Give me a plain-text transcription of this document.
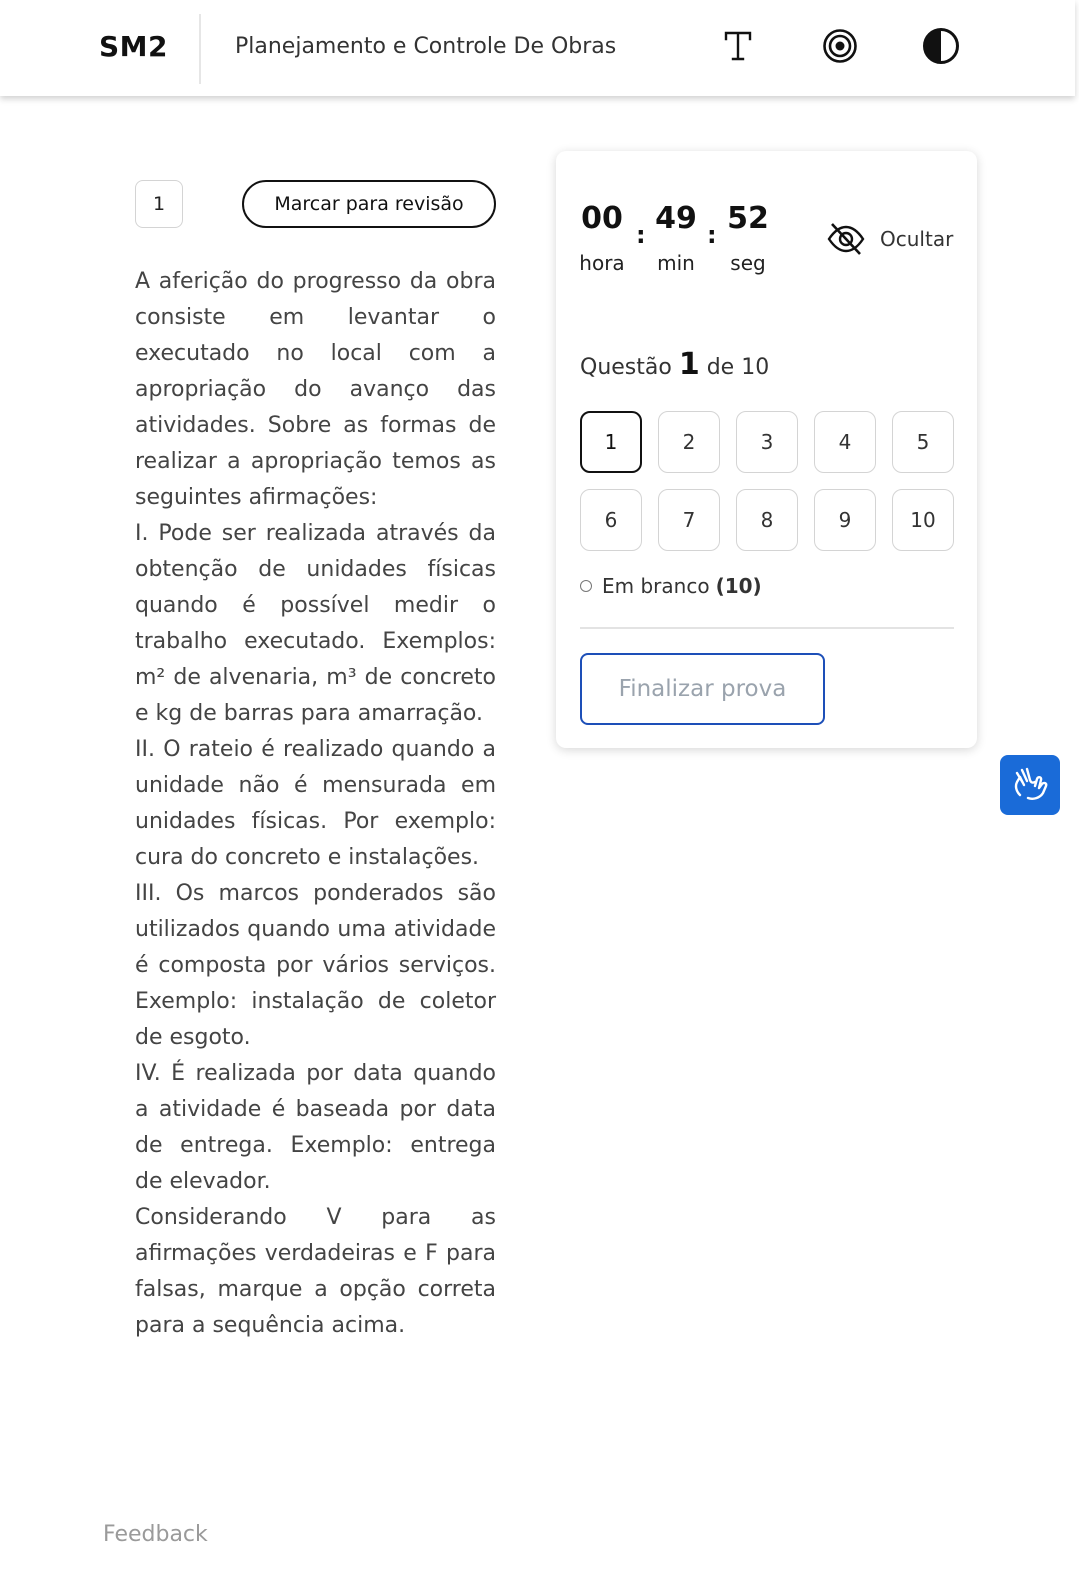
SM2	Planejamento e Controle De Obras
1	Marcar para revisão

A aferição do progresso da obra consiste em levantar o executado no local com a apropriação do avanço das atividades. Sobre as formas de realizar a apropriação temos as seguintes afirmações:

I. Pode ser realizada através da obtenção de unidades físicas quando é possível medir o trabalho executado. Exemplos: m² de alvenaria, m³ de concreto e kg de barras para amarração.

II. O rateio é realizado quando a unidade não é mensurada em unidades físicas. Por exemplo: cura do concreto e instalações.

III. Os marcos ponderados são utilizados quando uma atividade é composta por vários serviços. Exemplo: instalação de coletor de esgoto.

IV. É realizada por data quando a atividade é baseada por data de entrega. Exemplo: entrega de elevador.

Considerando V para as afirmações verdadeiras e F para falsas, marque a opção correta para a sequência acima.

Feedback
00 : 49 : 52
hora min	seg
Ocultar
Questão 1 de 10
1	2	3	4	5
6	7	8	9	10
Em branco (10)
Finalizar prova
